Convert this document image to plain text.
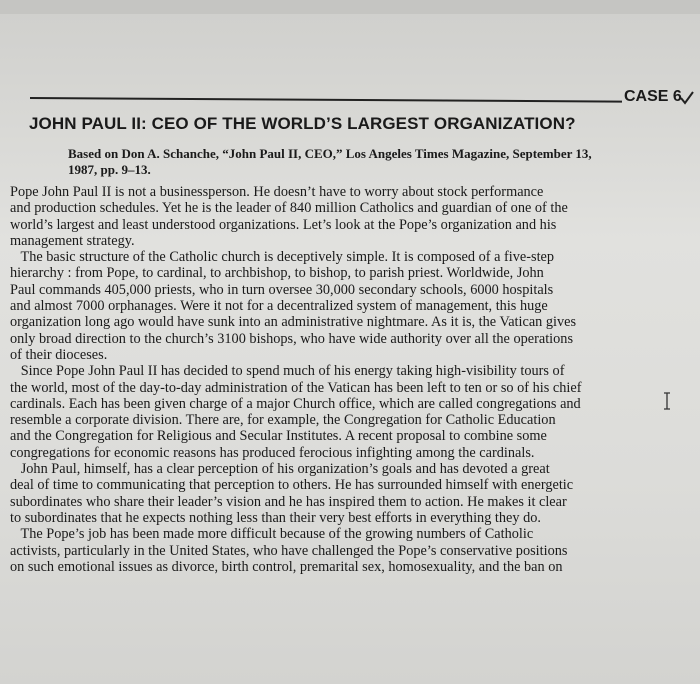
CASE 6
JOHN PAUL II: CEO OF THE WORLD’S LARGEST ORGANIZATION?
Based on Don A. Schanche, “John Paul II, CEO,” Los Angeles Times Magazine, September 13,
1987, pp. 9–13.
Pope John Paul II is not a businessperson. He doesn’t have to worry about stock performance
and production schedules. Yet he is the leader of 840 million Catholics and guardian of one of the
world’s largest and least understood organizations. Let’s look at the Pope’s organization and his
management strategy.
The basic structure of the Catholic church is deceptively simple. It is composed of a five-step
hierarchy : from Pope, to cardinal, to archbishop, to bishop, to parish priest. Worldwide, John
Paul commands 405,000 priests, who in turn oversee 30,000 secondary schools, 6000 hospitals
and almost 7000 orphanages. Were it not for a decentralized system of management, this huge
organization long ago would have sunk into an administrative nightmare. As it is, the Vatican gives
only broad direction to the church’s 3100 bishops, who have wide authority over all the operations
of their dioceses.
Since Pope John Paul II has decided to spend much of his energy taking high-visibility tours of
the world, most of the day-to-day administration of the Vatican has been left to ten or so of his chief
cardinals. Each has been given charge of a major Church office, which are called congregations and
resemble a corporate division. There are, for example, the Congregation for Catholic Education
and the Congregation for Religious and Secular Institutes. A recent proposal to combine some
congregations for economic reasons has produced ferocious infighting among the cardinals.
John Paul, himself, has a clear perception of his organization’s goals and has devoted a great
deal of time to communicating that perception to others. He has surrounded himself with energetic
subordinates who share their leader’s vision and he has inspired them to action. He makes it clear
to subordinates that he expects nothing less than their very best efforts in everything they do.
The Pope’s job has been made more difficult because of the growing numbers of Catholic
activists, particularly in the United States, who have challenged the Pope’s conservative positions
on such emotional issues as divorce, birth control, premarital sex, homosexuality, and the ban on
